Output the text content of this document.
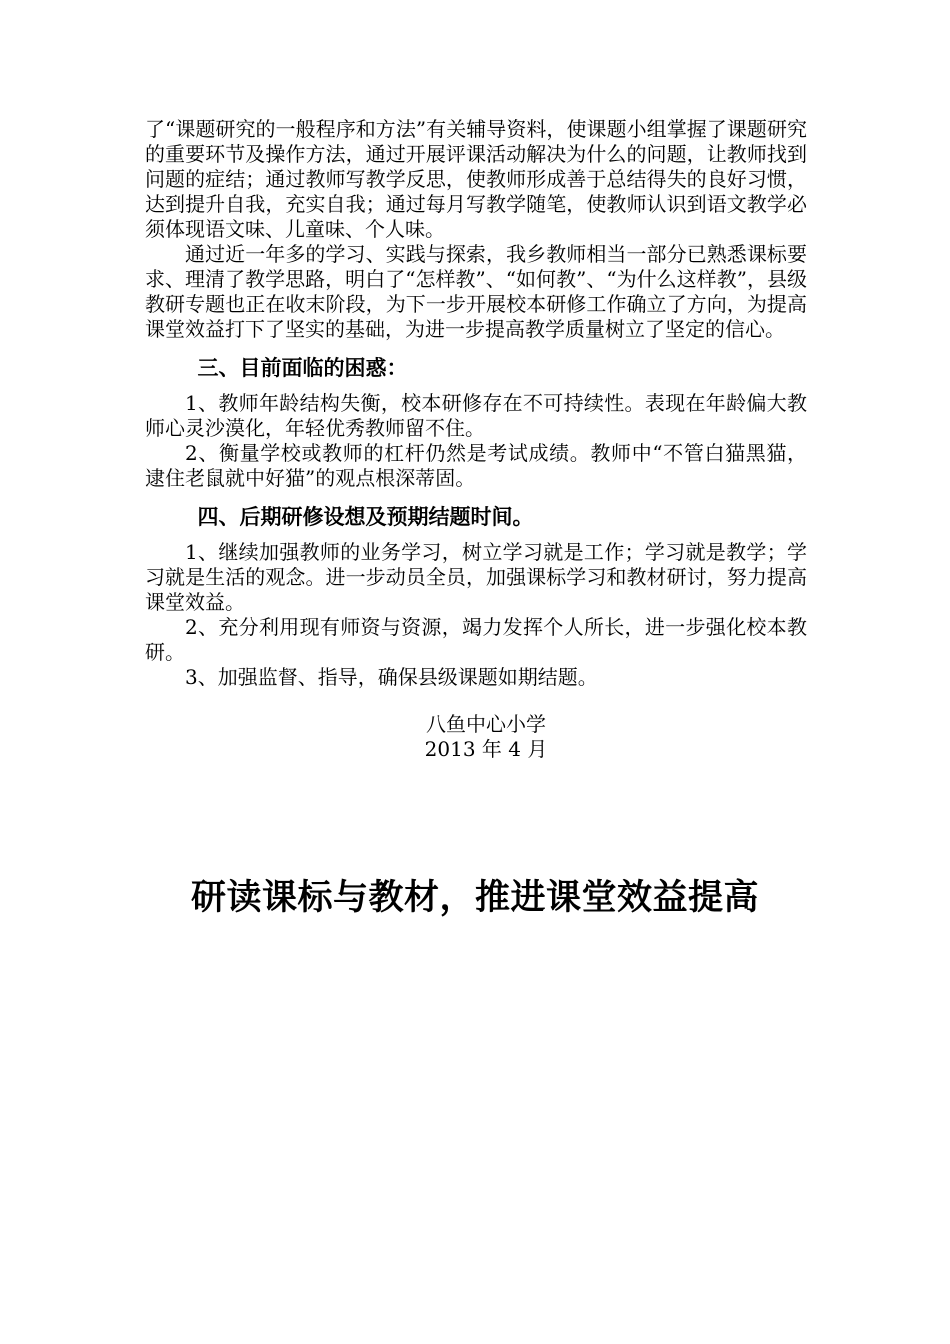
了“课题研究的一般程序和方法”有关辅导资料，使课题小组掌握了课题研究的重要环节及操作方法，通过开展评课活动解决为什么的问题，让教师找到问题的症结；通过教师写教学反思，使教师形成善于总结得失的良好习惯，达到提升自我，充实自我；通过每月写教学随笔，使教师认识到语文教学必须体现语文味、儿童味、个人味。

通过近一年多的学习、实践与探索，我乡教师相当一部分已熟悉课标要求、理清了教学思路，明白了“怎样教”、“如何教”、“为什么这样教”，县级教研专题也正在收末阶段，为下一步开展校本研修工作确立了方向，为提高课堂效益打下了坚实的基础，为进一步提高教学质量树立了坚定的信心。

三、目前面临的困惑：

1、教师年龄结构失衡，校本研修存在不可持续性。表现在年龄偏大教师心灵沙漠化，年轻优秀教师留不住。

2、衡量学校或教师的杠杆仍然是考试成绩。教师中“不管白猫黑猫，逮住老鼠就中好猫”的观点根深蒂固。

四、后期研修设想及预期结题时间。

1、继续加强教师的业务学习，树立学习就是工作；学习就是教学；学习就是生活的观念。进一步动员全员，加强课标学习和教材研讨，努力提高课堂效益。

2、充分利用现有师资与资源，竭力发挥个人所长，进一步强化校本教研。

3、加强监督、指导，确保县级课题如期结题。

八鱼中心小学
2013 年 4 月
研读课标与教材，推进课堂效益提高
